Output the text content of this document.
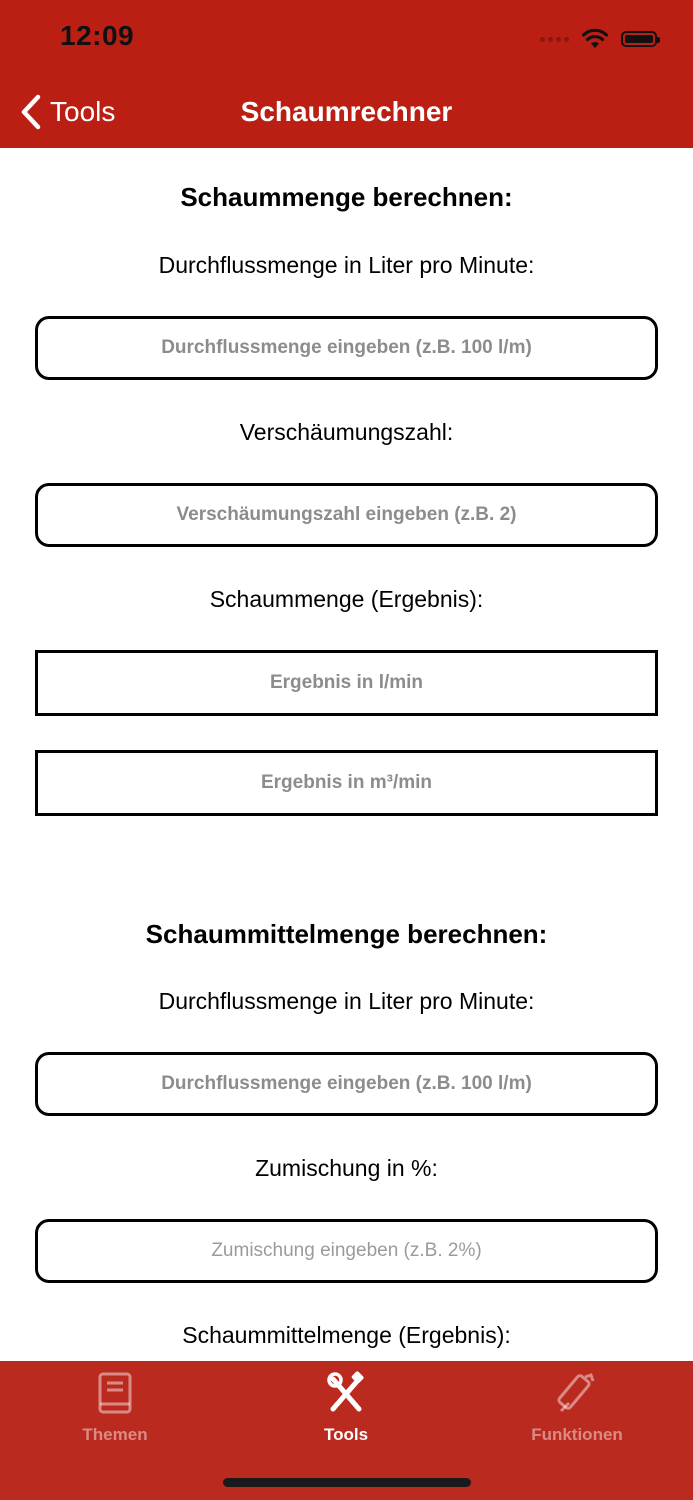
12:09
Tools	Schaumrechner
Schaummenge berechnen:
Durchflussmenge in Liter pro Minute:
Durchflussmenge eingeben (z.B. 100 l/m)
Verschäumungszahl:
Verschäumungszahl eingeben (z.B. 2)
Schaummenge (Ergebnis):
Ergebnis in l/min
Ergebnis in m³/min
Schaummittelmenge berechnen:
Durchflussmenge in Liter pro Minute:
Durchflussmenge eingeben (z.B. 100 l/m)
Zumischung in %:
Zumischung eingeben (z.B. 2%)
Schaummittelmenge (Ergebnis):
Themen	Tools	Funktionen
